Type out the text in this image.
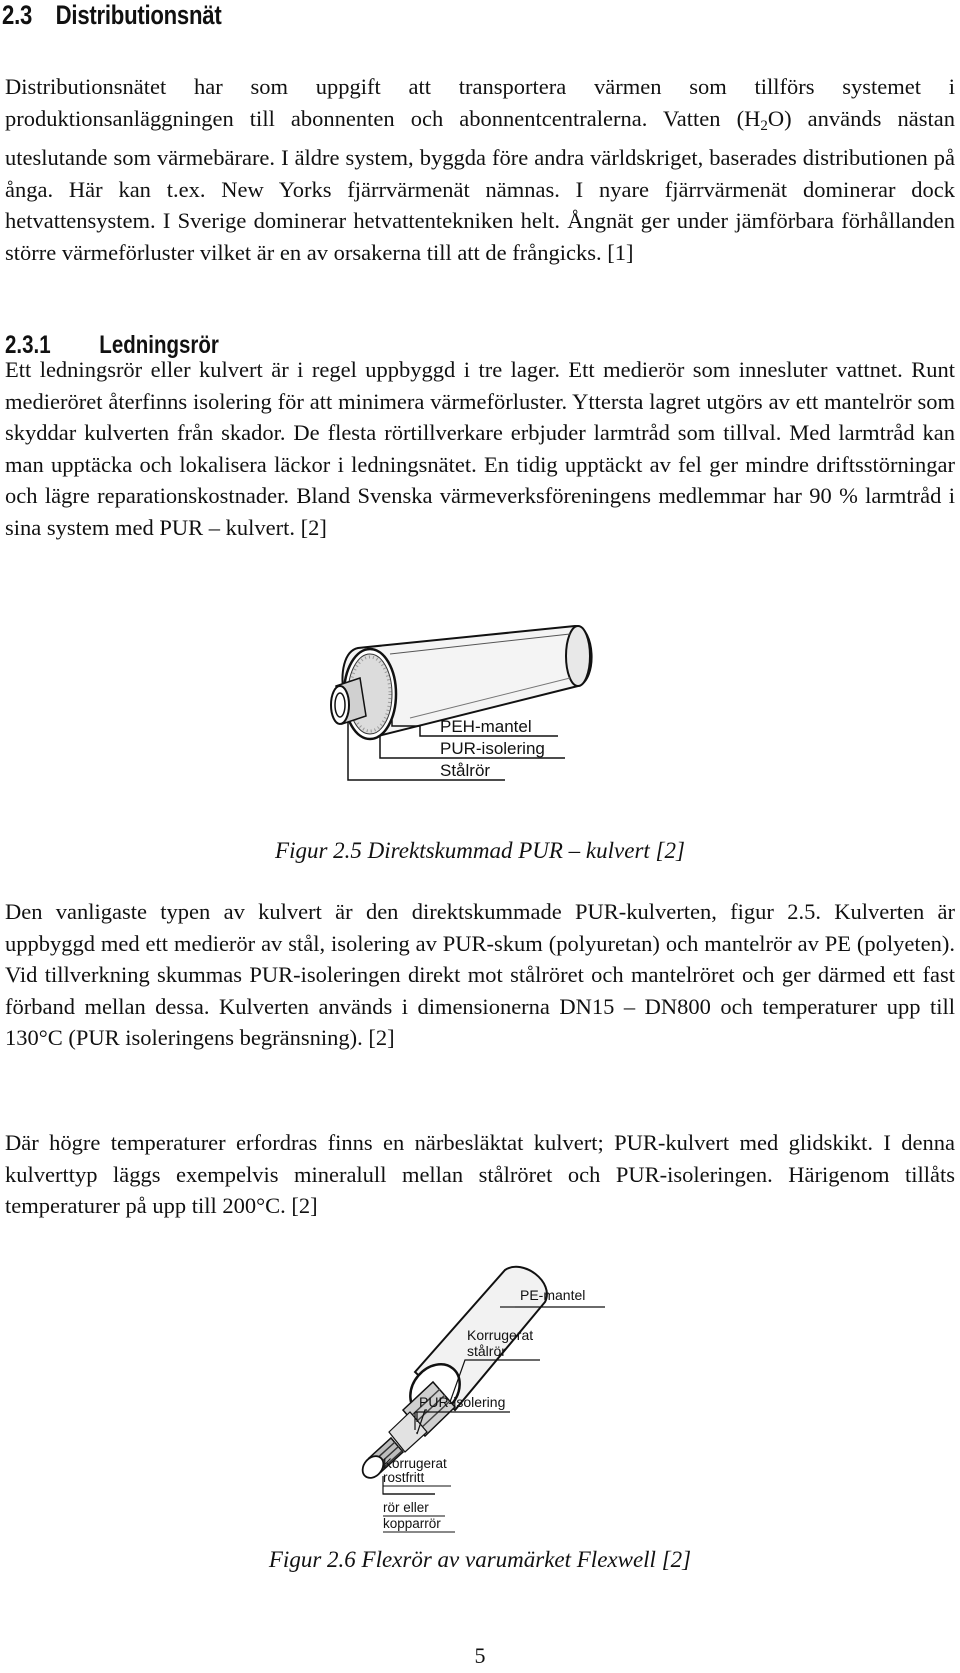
2.3 Distributionsnät

Distributionsnätet har som uppgift att transportera värmen som tillförs systemet i produktionsanläggningen till abonnenten och abonnentcentralerna. Vatten $(H_2O)$ används nästan uteslutande som värmebärare. I äldre system, byggda före andra världskriget, baserades distributionen på ånga. Här kan t.ex. New Yorks fjärrvärmenät nämnas. I nyare fjärrvärmenät dominerar dock hetvattensystem. I Sverige dominerar hetvattentekniken helt. Ångnät ger under jämförbara förhållanden större värmeförluster vilket är en av orsakerna till att de frångicks. [1]

2.3.1 Ledningsrör

Ett ledningsrör eller kulvert är i regel uppbyggd i tre lager. Ett medierör som innesluter vattnet. Runt medieröret återfinns isolering för att minimera värmeförluster. Yttersta lagret utgörs av ett mantelrör som skyddar kulverten från skador. De flesta rörtillverkare erbjuder larmtråd som tillval. Med larmtråd kan man upptäcka och lokalisera läckor i ledningsnätet. En tidig upptäckt av fel ger mindre driftsstörningar och lägre reparationskostnader. Bland Svenska värmeverksföreningens medlemmar har 90 % larmtråd i sina system med PUR – kulvert. [2]

PEH-mantel
PUR-isolering
Stålrör
Figur 2.5 Direktskummad PUR – kulvert [2]

Den vanligaste typen av kulvert är den direktskummade PUR-kulverten, figur 2.5. Kulverten är uppbyggd med ett medierör av stål, isolering av PUR-skum (polyuretan) och mantelrör av PE (polyeten). Vid tillverkning skummas PUR-isoleringen direkt mot stålröret och mantelröret och ger därmed ett fast förband mellan dessa. Kulverten används i dimensionerna DN15 – DN800 och temperaturer upp till 130°C (PUR isoleringens begränsning). [2]

Där högre temperaturer erfordras finns en närbesläktat kulvert; PUR-kulvert med glidskikt. I denna kulverttyp läggs exempelvis mineralull mellan stålröret och PUR-isoleringen. Härigenom tillåts temperaturer på upp till 200°C. [2]

PE-mantel
Korrugerat
stålrör
PUR-isolering
Korrugerat
rostfritt
rör eller
kopparrör
Figur 2.6 Flexrör av varumärket Flexwell [2]
5
